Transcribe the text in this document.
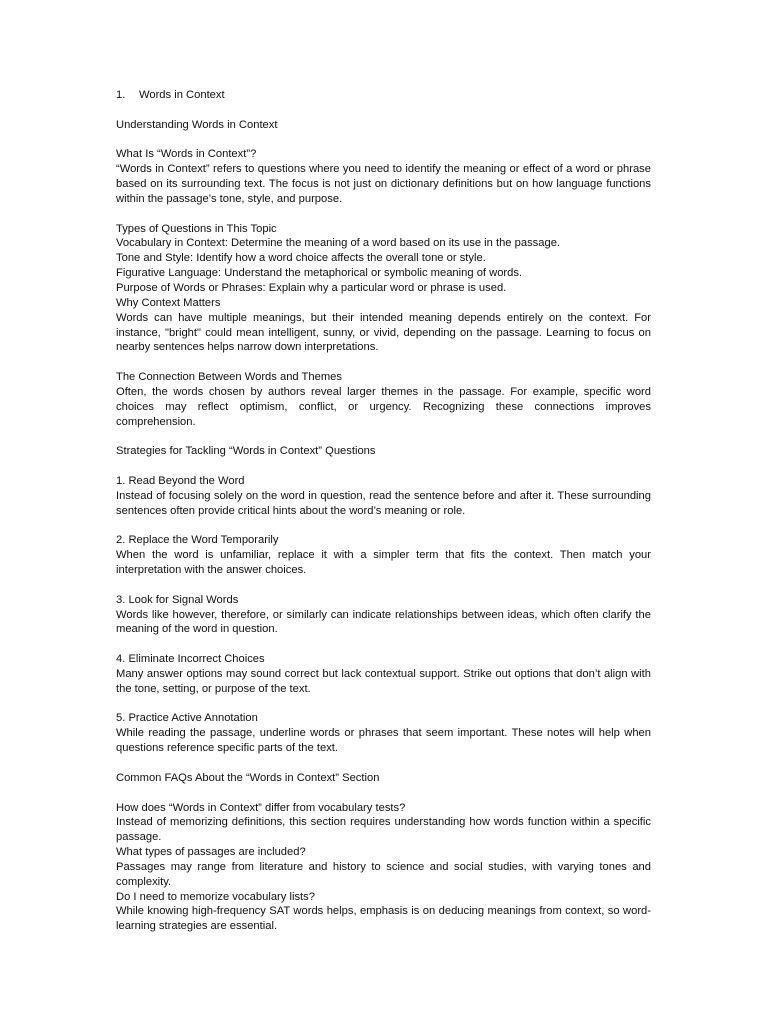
1.	Words in Context
Understanding Words in Context
What Is “Words in Context”?
“Words in Context” refers to questions where you need to identify the meaning or effect of a word or phrase based on its surrounding text. The focus is not just on dictionary definitions but on how language functions within the passage’s tone, style, and purpose.
Types of Questions in This Topic
Vocabulary in Context: Determine the meaning of a word based on its use in the passage.
Tone and Style: Identify how a word choice affects the overall tone or style.
Figurative Language: Understand the metaphorical or symbolic meaning of words.
Purpose of Words or Phrases: Explain why a particular word or phrase is used.
Why Context Matters
Words can have multiple meanings, but their intended meaning depends entirely on the context. For instance, "bright" could mean intelligent, sunny, or vivid, depending on the passage. Learning to focus on nearby sentences helps narrow down interpretations.
The Connection Between Words and Themes
Often, the words chosen by authors reveal larger themes in the passage. For example, specific word choices may reflect optimism, conflict, or urgency. Recognizing these connections improves comprehension.
Strategies for Tackling “Words in Context” Questions
1. Read Beyond the Word
Instead of focusing solely on the word in question, read the sentence before and after it. These surrounding sentences often provide critical hints about the word’s meaning or role.
2. Replace the Word Temporarily
When the word is unfamiliar, replace it with a simpler term that fits the context. Then match your interpretation with the answer choices.
3. Look for Signal Words
Words like however, therefore, or similarly can indicate relationships between ideas, which often clarify the meaning of the word in question.
4. Eliminate Incorrect Choices
Many answer options may sound correct but lack contextual support. Strike out options that don’t align with the tone, setting, or purpose of the text.
5. Practice Active Annotation
While reading the passage, underline words or phrases that seem important. These notes will help when questions reference specific parts of the text.
Common FAQs About the “Words in Context” Section
How does “Words in Context” differ from vocabulary tests?
Instead of memorizing definitions, this section requires understanding how words function within a specific passage.
What types of passages are included?
Passages may range from literature and history to science and social studies, with varying tones and complexity.
Do I need to memorize vocabulary lists?
While knowing high-frequency SAT words helps, emphasis is on deducing meanings from context, so word-learning strategies are essential.
